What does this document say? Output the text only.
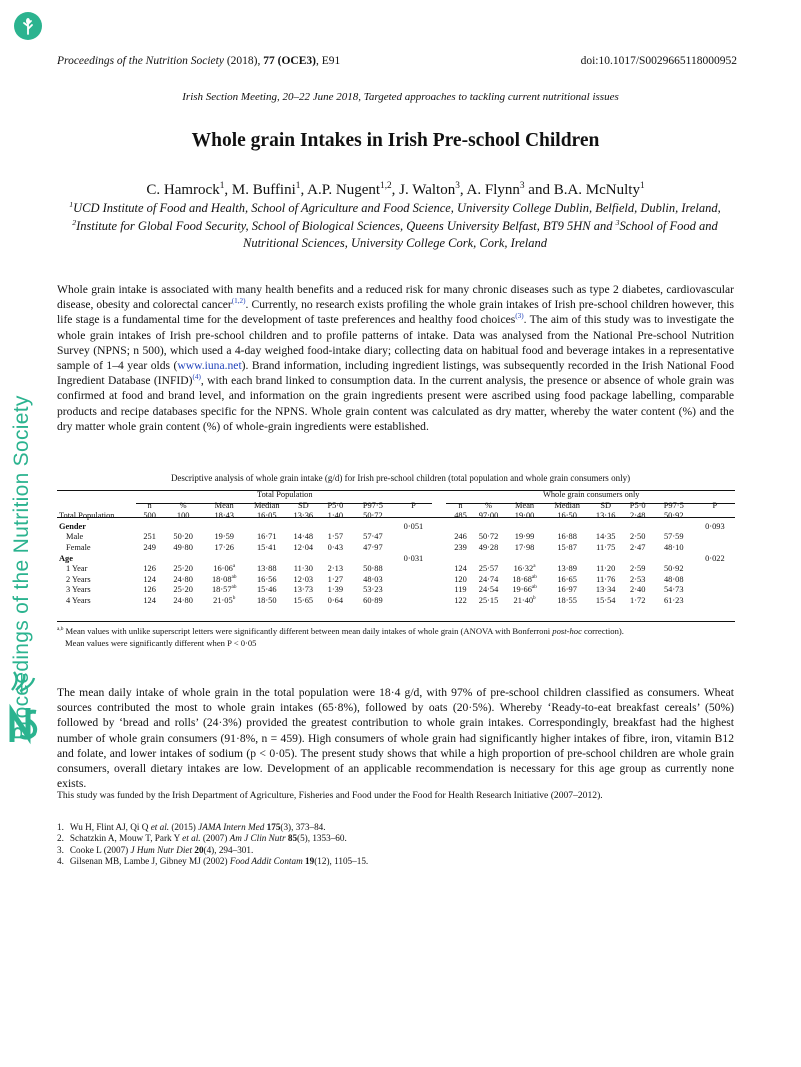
Proceedings of the Nutrition Society
Proceedings of the Nutrition Society (2018), 77 (OCE3), E91	doi:10.1017/S0029665118000952
Irish Section Meeting, 20–22 June 2018, Targeted approaches to tackling current nutritional issues
Whole grain Intakes in Irish Pre-school Children
C. Hamrock$^1$, M. Buffini$^1$, A.P. Nugent$^{1,2}$, J. Walton$^3$, A. Flynn$^3$ and B.A. McNulty$^1$
$^1$UCD Institute of Food and Health, School of Agriculture and Food Science, University College Dublin, Belfield, Dublin, Ireland, $^2$Institute for Global Food Security, School of Biological Sciences, Queens University Belfast, BT9 5HN and $^3$School of Food and Nutritional Sciences, University College Cork, Cork, Ireland
Whole grain intake is associated with many health benefits and a reduced risk for many chronic diseases such as type 2 diabetes, cardiovascular disease, obesity and colorectal cancer$^{(1,2)}$. Currently, no research exists profiling the whole grain intakes of Irish pre-school children however, this life stage is a fundamental time for the development of taste preferences and healthy food choices$^{(3)}$. The aim of this study was to investigate the whole grain intakes of Irish pre-school children and to profile patterns of intake. Data was analysed from the National Pre-school Nutrition Survey (NPNS; n 500), which used a 4-day weighed food-intake diary; collecting data on habitual food and beverage intakes in a representative sample of 1–4 year olds (www.iuna.net). Brand information, including ingredient listings, was subsequently recorded in the Irish National Food Ingredient Database (INFID)$^{(4)}$, with each brand linked to consumption data. In the current analysis, the presence or absence of whole grain was confirmed at food and brand level, and information on the grain ingredients present were ascribed using food package labelling, comparable products and recipe databases specific for the NPNS. Whole grain content was calculated as dry matter, whereby the water content (%) and the dry matter whole grain content (%) of whole-grain ingredients were established.
Descriptive analysis of whole grain intake (g/d) for Irish pre-school children (total population and whole grain consumers only)
	Total Population									Whole grain consumers only							
	n	%	Mean	Median	SD	P5·0	P97·5	P		n	%	Mean	Median	SD	P5·0	P97·5	P
Total Population	500	100	18·43	16·05	13·36	1·40	50·72			485	97·00	19·00	16·50	13·16	2·48	50·92	
Gender								0·051									0·093
Male	251	50·20	19·59	16·71	14·48	1·57	57·47			246	50·72	19·99	16·88	14·35	2·50	57·59	
Female	249	49·80	17·26	15·41	12·04	0·43	47·97			239	49·28	17·98	15·87	11·75	2·47	48·10	
Age								0·031									0·022
1 Year	126	25·20	$16\cdot 06^a$	13·88	11·30	2·13	50·88			124	25·57	$16\cdot 32^a$	13·89	11·20	2·59	50·92	
2 Years	124	24·80	$18\cdot 08^{ab}$	16·56	12·03	1·27	48·03			120	24·74	$18\cdot 68^{ab}$	16·65	11·76	2·53	48·08	
3 Years	126	25·20	$18\cdot 57^{ab}$	15·46	13·73	1·39	53·23			119	24·54	$19\cdot 66^{ab}$	16·97	13·34	2·40	54·73	
4 Years	124	24·80	$21\cdot 05^b$	18·50	15·65	0·64	60·89			122	25·15	$21\cdot 40^b$	18·55	15·54	1·72	61·23	
$^{a,b}$ Mean values with unlike superscript letters were significantly different between mean daily intakes of whole grain (ANOVA with Bonferroni post-hoc correction).
Mean values were significantly different when P < 0·05
The mean daily intake of whole grain in the total population were 18·4 g/d, with 97% of pre-school children classified as consumers. Wheat sources contributed the most to whole grain intakes (65·8%), followed by oats (20·5%). Whereby ‘Ready-to-eat breakfast cereals’ (50%) followed by ‘bread and rolls’ (24·3%) provided the greatest contribution to whole grain intakes. Correspondingly, breakfast had the highest number of whole grain consumers (91·8%, n = 459). High consumers of whole grain had significantly higher intakes of fibre, iron, vitamin B12 and folate, and lower intakes of sodium (p < 0·05). The present study shows that while a high proportion of pre-school children are whole grain consumers, overall dietary intakes are low. Development of an applicable recommendation is necessary for this age group as currently none exists.
This study was funded by the Irish Department of Agriculture, Fisheries and Food under the Food for Health Research Initiative (2007–2012).
1. Wu H, Flint AJ, Qi Q et al. (2015) JAMA Intern Med 175(3), 373–84.
2. Schatzkin A, Mouw T, Park Y et al. (2007) Am J Clin Nutr 85(5), 1353–60.
3. Cooke L (2007) J Hum Nutr Diet 20(4), 294–301.
4. Gilsenan MB, Lambe J, Gibney MJ (2002) Food Addit Contam 19(12), 1105–15.
